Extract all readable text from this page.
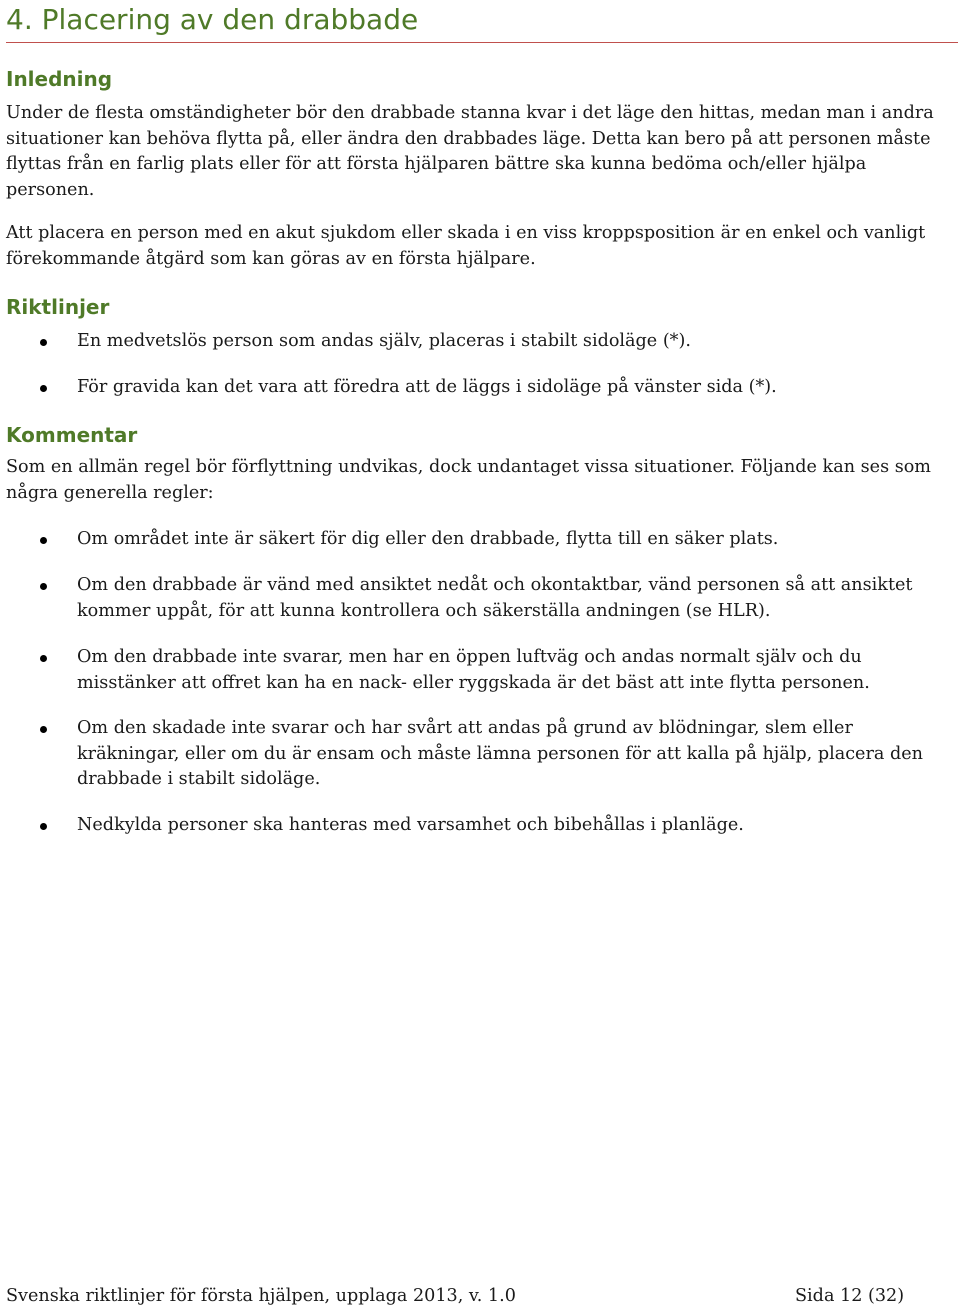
4. Placering av den drabbade
Inledning

Under de flesta omständigheter bör den drabbade stanna kvar i det läge den hittas, medan man i andra situationer kan behöva flytta på, eller ändra den drabbades läge. Detta kan bero på att personen måste flyttas från en farlig plats eller för att första hjälparen bättre ska kunna bedöma och/eller hjälpa personen.

Att placera en person med en akut sjukdom eller skada i en viss kroppsposition är en enkel och vanligt förekommande åtgärd som kan göras av en första hjälpare.

Riktlinjer

En medvetslös person som andas själv, placeras i stabilt sidoläge (*).

För gravida kan det vara att föredra att de läggs i sidoläge på vänster sida (*).

Kommentar

Som en allmän regel bör förflyttning undvikas, dock undantaget vissa situationer. Följande kan ses som några generella regler:

Om området inte är säkert för dig eller den drabbade, flytta till en säker plats.

Om den drabbade är vänd med ansiktet nedåt och okontaktbar, vänd personen så att ansiktet kommer uppåt, för att kunna kontrollera och säkerställa andningen (se HLR).

Om den drabbade inte svarar, men har en öppen luftväg och andas normalt själv och du misstänker att offret kan ha en nack- eller ryggskada är det bäst att inte flytta personen.

Om den skadade inte svarar och har svårt att andas på grund av blödningar, slem eller kräkningar, eller om du är ensam och måste lämna personen för att kalla på hjälp, placera den drabbade i stabilt sidoläge.

Nedkylda personer ska hanteras med varsamhet och bibehållas i planläge.

Svenska riktlinjer för första hjälpen, upplaga 2013, v. 1.0	Sida 12 (32)
